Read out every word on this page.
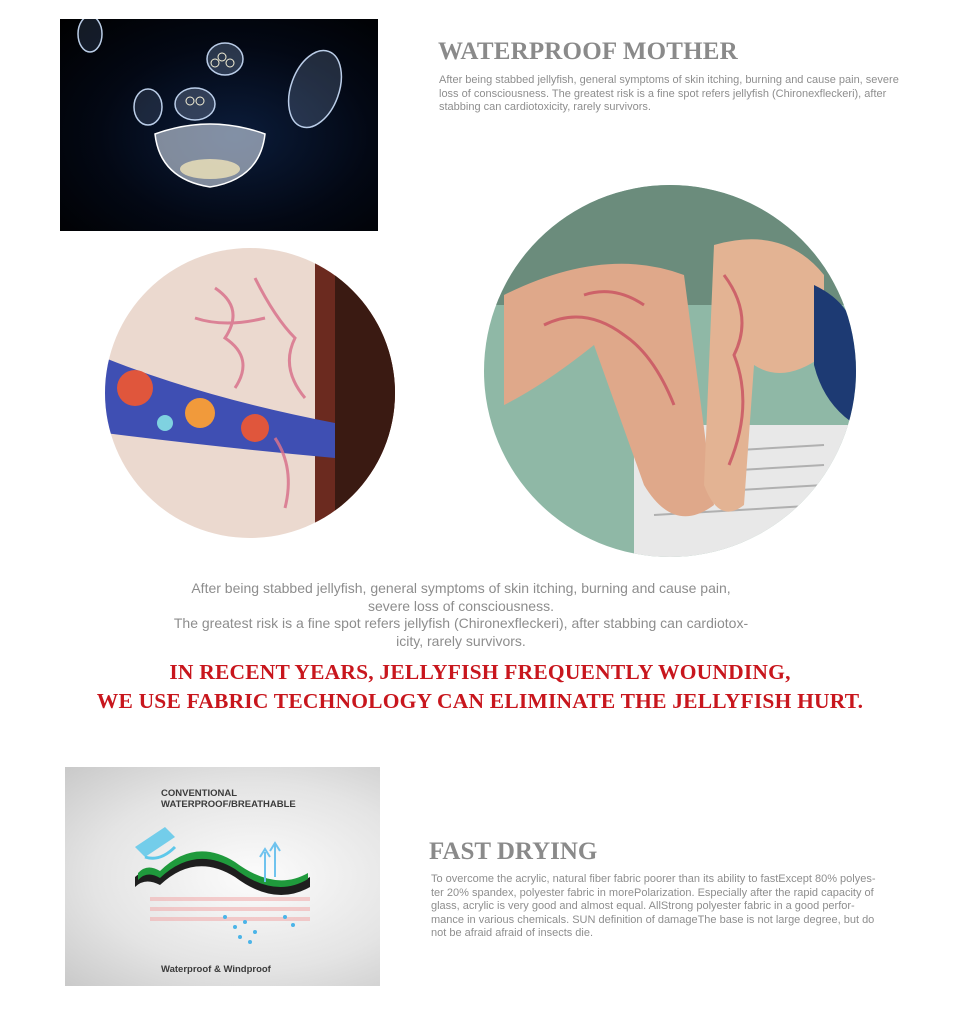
WATERPROOF MOTHER
After being stabbed jellyfish, general symptoms of skin itching, burning and cause pain, severe loss of consciousness. The greatest risk is a fine spot refers jellyfish (Chironexfleckeri), after stabbing can cardiotoxicity, rarely survivors.
After being stabbed jellyfish, general symptoms of skin itching, burning and cause pain,
severe loss of consciousness.
The greatest risk is a fine spot refers jellyfish (Chironexfleckeri), after stabbing can cardiotox-
icity, rarely survivors.
IN RECENT YEARS, JELLYFISH FREQUENTLY WOUNDING,
WE USE FABRIC TECHNOLOGY CAN ELIMINATE THE JELLYFISH HURT.
CONVENTIONAL
WATERPROOF/BREATHABLE
Waterproof & Windproof
FAST DRYING
To overcome the acrylic, natural fiber fabric poorer than its ability to fastExcept 80% polyes-
ter 20% spandex, polyester fabric in morePolarization. Especially after the rapid capacity of
glass, acrylic is very good and almost equal. AllStrong polyester fabric in a good perfor-
mance in various chemicals. SUN definition of damageThe base is not large degree, but do
not be afraid afraid of insects die.
